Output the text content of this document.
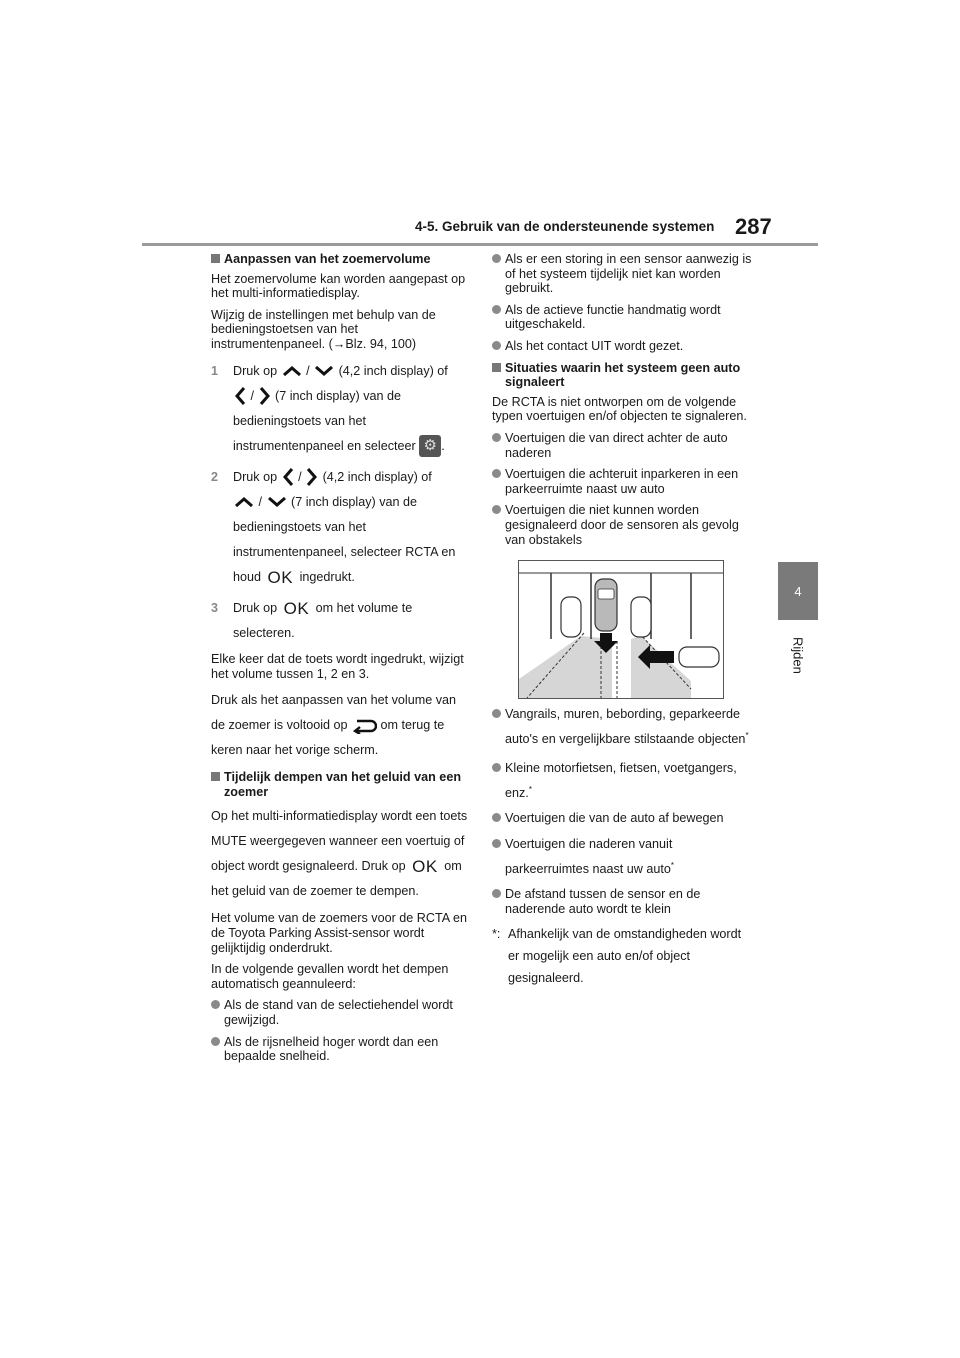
4-5. Gebruik van de ondersteunende systemen 287
4
Rijden
Aanpassen van het zoemervolume

Het zoemervolume kan worden aangepast op het multi-informatiedisplay.

Wijzig de instellingen met behulp van de bedieningstoetsen van het instrumentenpaneel. (→Blz. 94, 100)

1 Druk op / (4,2 inch display) of
/ (7 inch display) van de bedieningstoets van het instrumentenpaneel en selecteer ⚙ .
2 Druk op / (4,2 inch display) of
/ (7 inch display) van de bedieningstoets van het instrumentenpaneel, selecteer RCTA en houd OK ingedrukt.
3 Druk op OK om het volume te selecteren.

Elke keer dat de toets wordt ingedrukt, wijzigt het volume tussen 1, 2 en 3.

Druk als het aanpassen van het volume van de zoemer is voltooid op	om terug te keren naar het vorige scherm.

Tijdelijk dempen van het geluid van een zoemer

Op het multi-informatiedisplay wordt een toets MUTE weergegeven wanneer een voertuig of object wordt gesignaleerd. Druk op OK om het geluid van de zoemer te dempen.

Het volume van de zoemers voor de RCTA en de Toyota Parking Assist-sensor wordt gelijktijdig onderdrukt.

In de volgende gevallen wordt het dempen automatisch geannuleerd:

Als de stand van de selectiehendel wordt gewijzigd.
Als de rijsnelheid hoger wordt dan een bepaalde snelheid.
Als er een storing in een sensor aanwezig is of het systeem tijdelijk niet kan worden gebruikt.
Als de actieve functie handmatig wordt uitgeschakeld.
Als het contact UIT wordt gezet.
Situaties waarin het systeem geen auto signaleert

De RCTA is niet ontworpen om de volgende typen voertuigen en/of objecten te signaleren.

Voertuigen die van direct achter de auto naderen
Voertuigen die achteruit inparkeren in een parkeerruimte naast uw auto
Voertuigen die niet kunnen worden gesignaleerd door de sensoren als gevolg van obstakels
Vangrails, muren, bebording, geparkeerde auto's en vergelijkbare stilstaande objecten*
Kleine motorfietsen, fietsen, voetgangers, enz.*
Voertuigen die van de auto af bewegen
Voertuigen die naderen vanuit parkeerruimtes naast uw auto*
De afstand tussen de sensor en de naderende auto wordt te klein
*: Afhankelijk van de omstandigheden wordt er mogelijk een auto en/of object gesignaleerd.
